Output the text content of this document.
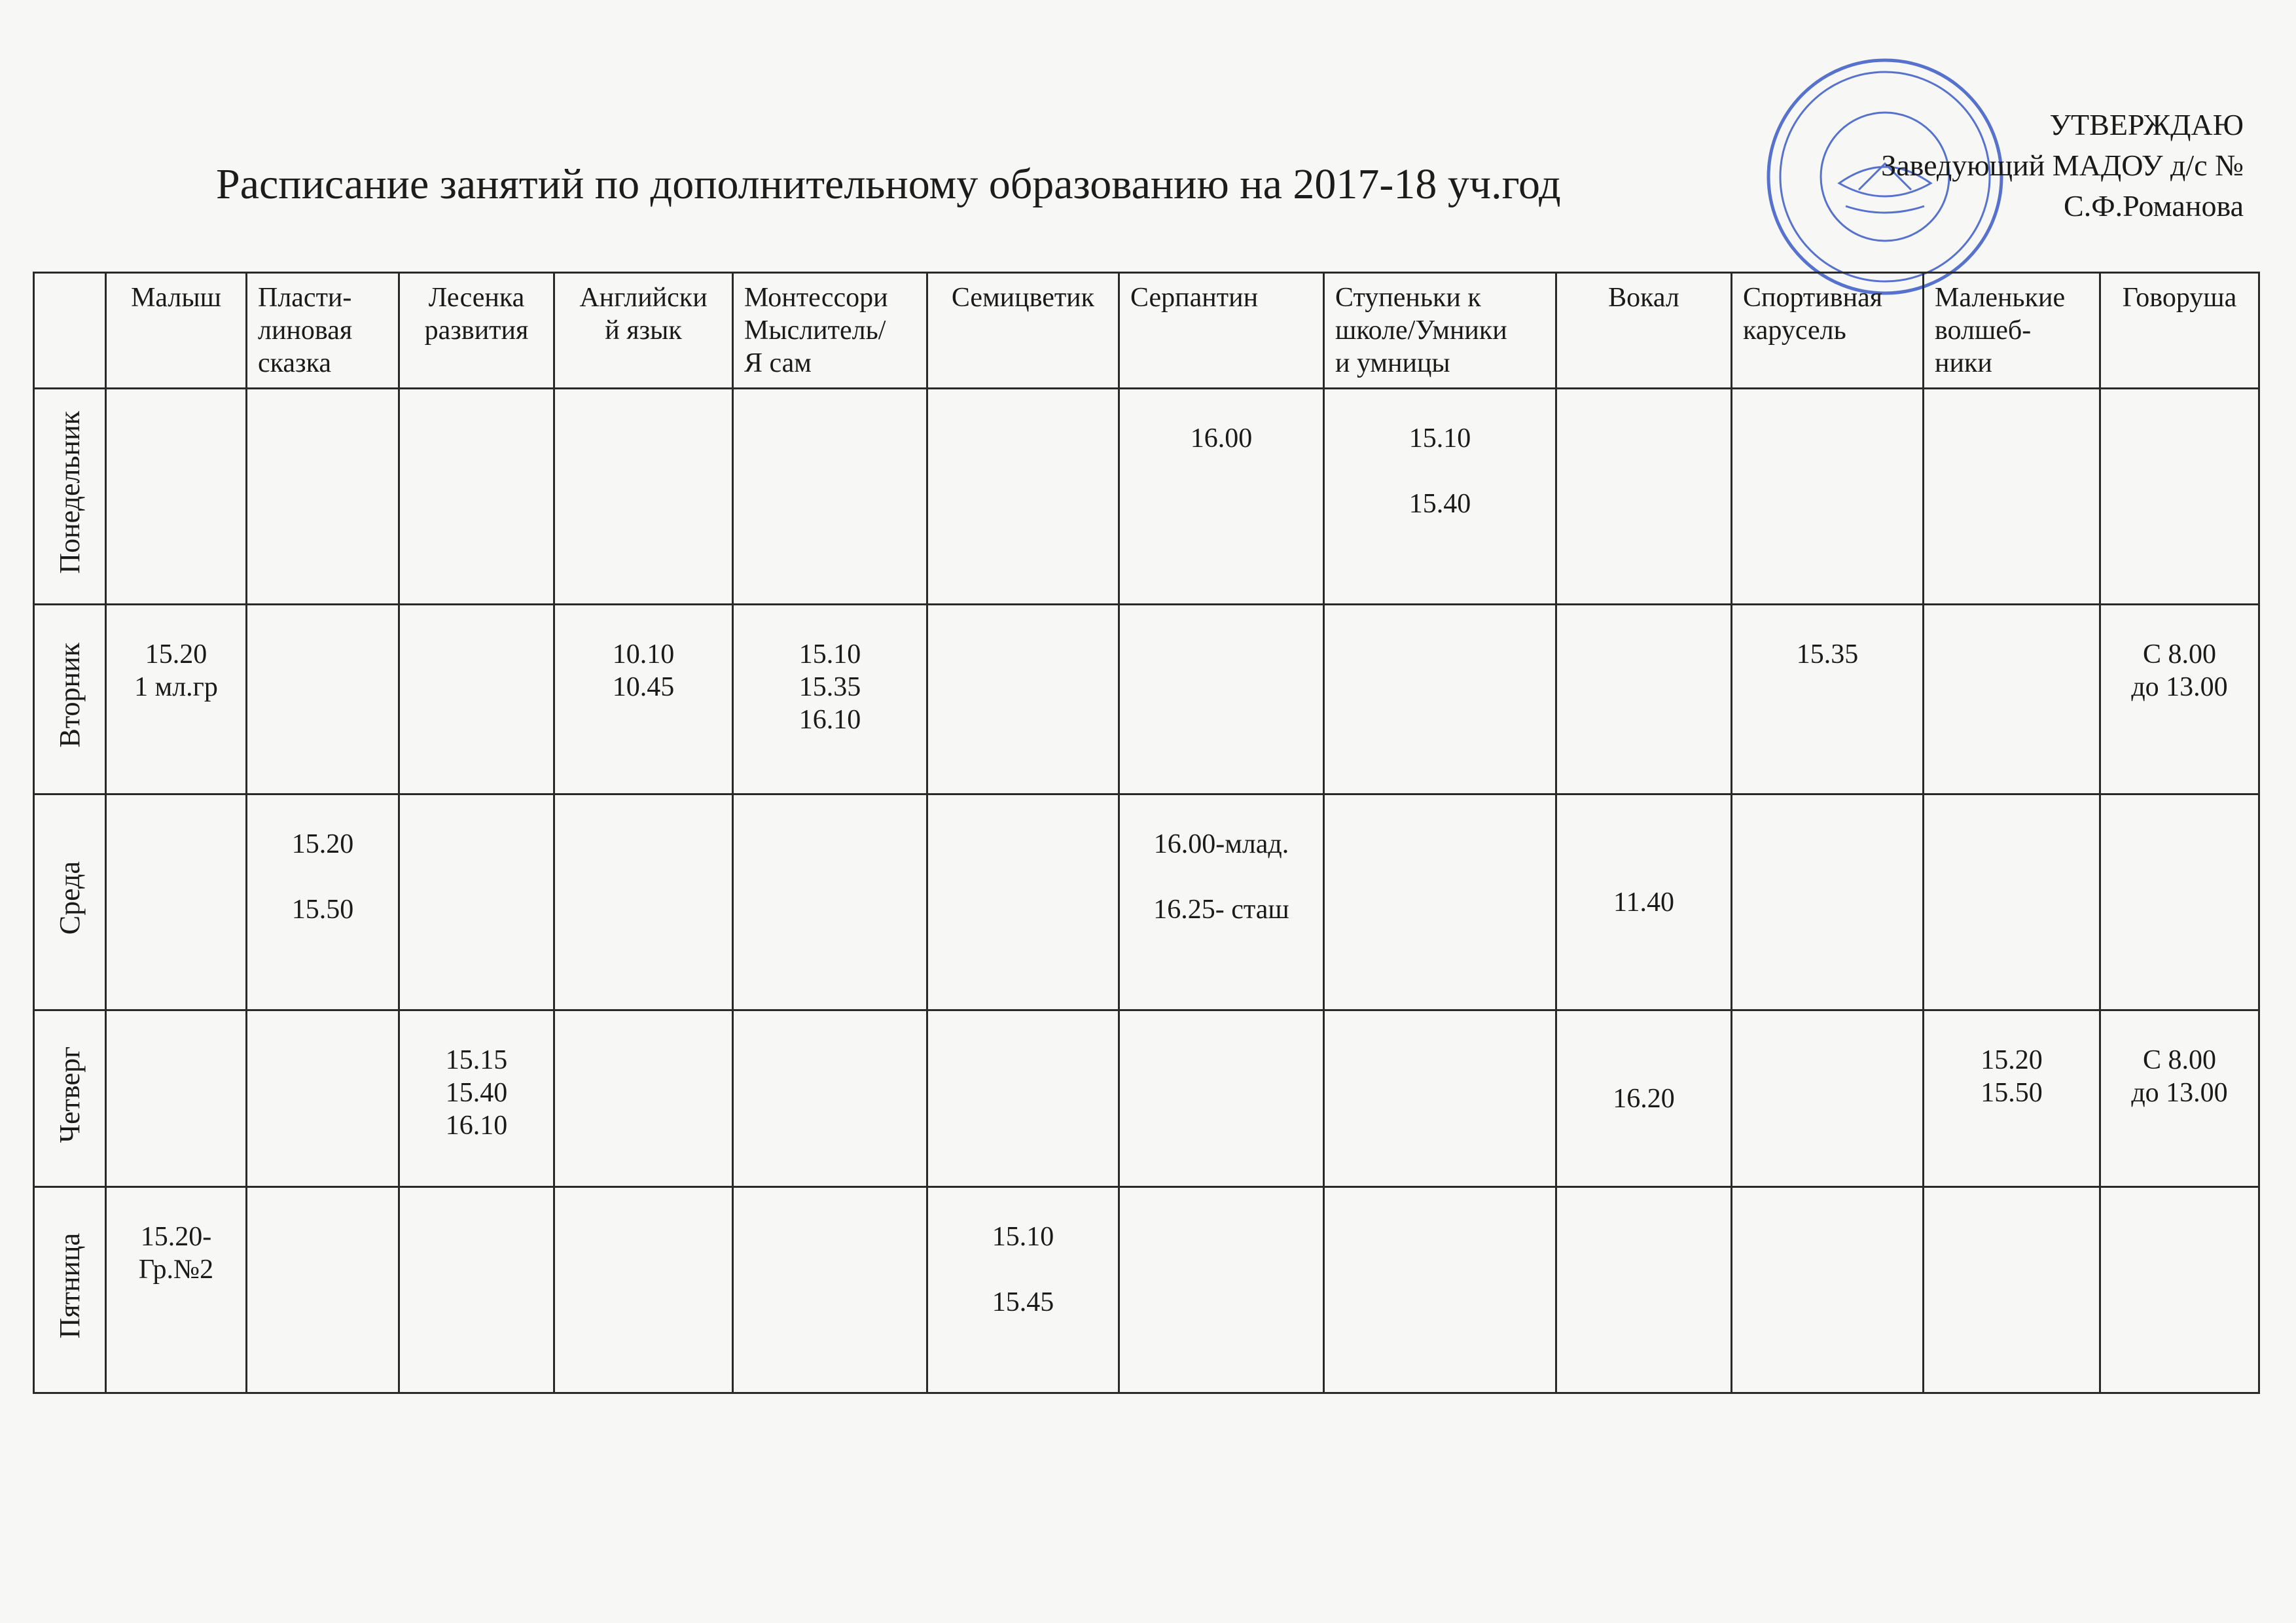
Расписание занятий по дополнительному образованию на 2017-18 уч.год
УТВЕРЖДАЮ
Заведующий МАДОУ д/с №
С.Ф.Романова
	Малыш	Пласти-
линовая
сказка	Лесенка
развития	Английски
й язык	Монтессори
Мыслитель/
Я сам	Семицветик	Серпантин	Ступеньки к
школе/Умники
и умницы	Вокал	Спортивная
карусель	Маленькие
волшеб-
ники	Говоруша
Понедельник							16.00	15.10

15.40				
Вторник	15.20
1 мл.гр			10.10
10.45	15.10
15.35
16.10					15.35		С 8.00
до 13.00
Среда		15.20

15.50					16.00-млад.

16.25- сташ		11.40			
Четверг			15.15
15.40
16.10						16.20		15.20
15.50	С 8.00
до 13.00
Пятница	15.20-
Гр.№2					15.10

15.45						
